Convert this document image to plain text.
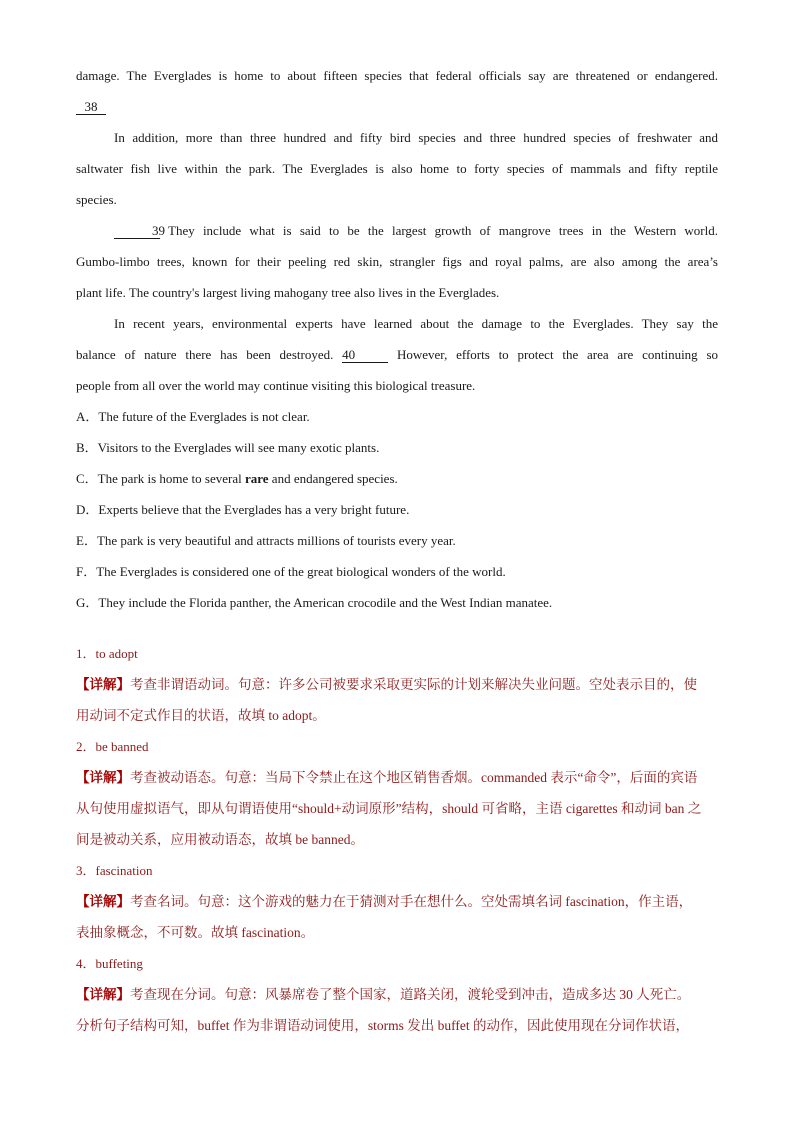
damage. The Everglades is home to about fifteen species that federal officials say are threatened or endangered.

38

In addition, more than three hundred and fifty bird species and three hundred species of freshwater and

saltwater fish live within the park. The Everglades is also home to forty species of mammals and fifty reptile

species.

39 They include what is said to be the largest growth of mangrove trees in the Western world.

Gumbo-limbo trees, known for their peeling red skin, strangler figs and royal palms, are also among the area’s

plant life. The country's largest living mahogany tree also lives in the Everglades.

In recent years, environmental experts have learned about the damage to the Everglades. They say the

balance of nature there has been destroyed. 40	However, efforts to protect the area are continuing so

people from all over the world may continue visiting this biological treasure.

A．The future of the Everglades is not clear.

B．Visitors to the Everglades will see many exotic plants.

C．The park is home to several rare and endangered species.

D．Experts believe that the Everglades has a very bright future.

E．The park is very beautiful and attracts millions of tourists every year.

F．The Everglades is considered one of the great biological wonders of the world.

G．They include the Florida panther, the American crocodile and the West Indian manatee.

1．to adopt

【详解】考查非谓语动词。句意：许多公司被要求采取更实际的计划来解决失业问题。空处表示目的，使

用动词不定式作目的状语，故填 to adopt。

2．be banned

【详解】考查被动语态。句意：当局下令禁止在这个地区销售香烟。commanded 表示“命令”，后面的宾语

从句使用虚拟语气，即从句谓语使用“should+动词原形”结构，should 可省略，主语 cigarettes 和动词 ban 之

间是被动关系，应用被动语态，故填 be banned。

3．fascination

【详解】考查名词。句意：这个游戏的魅力在于猜测对手在想什么。空处需填名词 fascination，作主语，

表抽象概念，不可数。故填 fascination。

4．buffeting

【详解】考查现在分词。句意：风暴席卷了整个国家，道路关闭，渡轮受到冲击，造成多达 30 人死亡。

分析句子结构可知，buffet 作为非谓语动词使用，storms 发出 buffet 的动作，因此使用现在分词作状语，
